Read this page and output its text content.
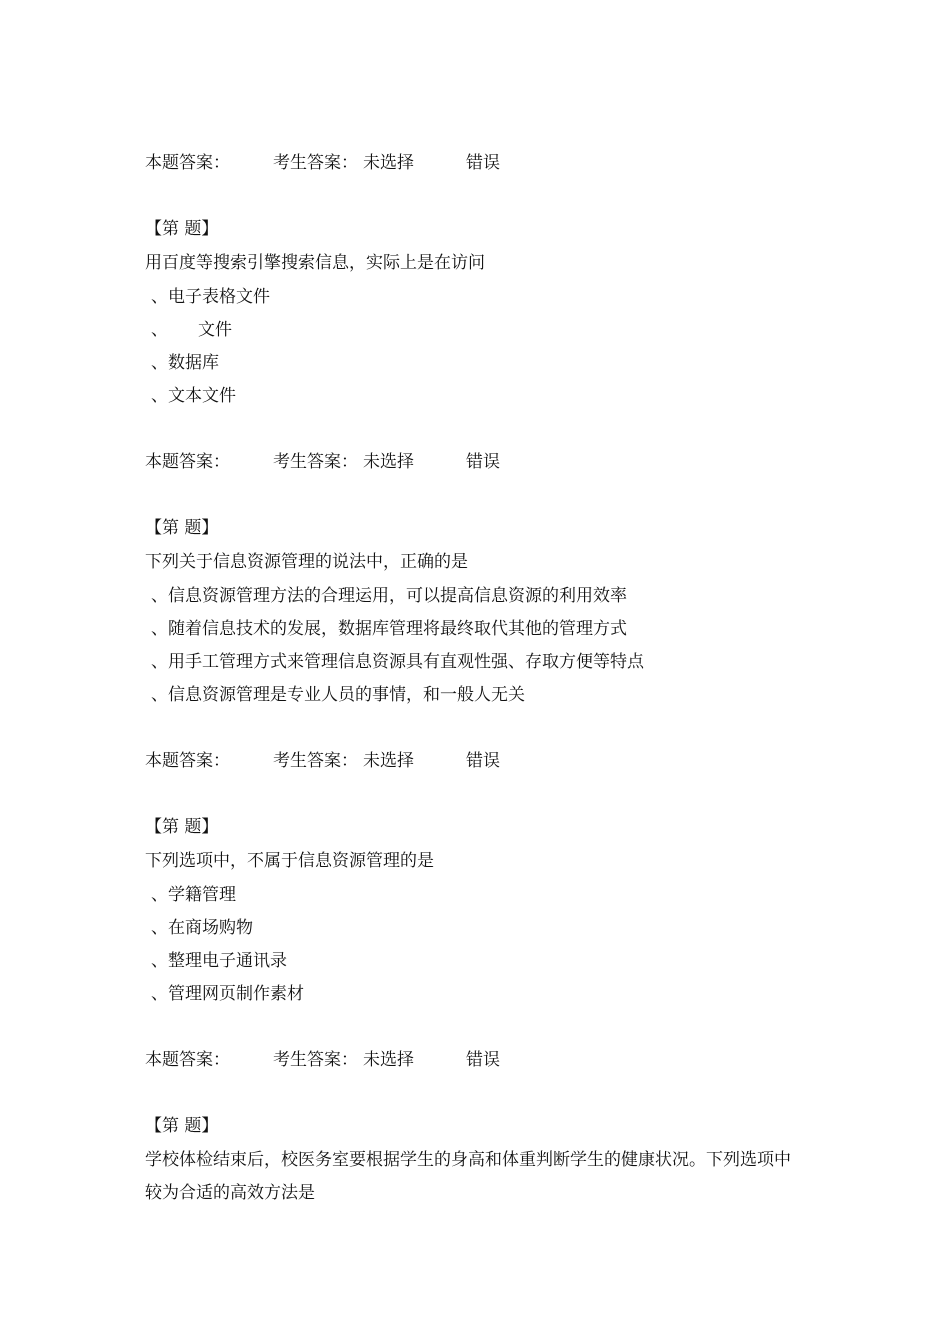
本题答案：	考生答案： 未选择	错误
【第 题】
用百度等搜索引擎搜索信息，实际上是在访问
、电子表格文件
、 文件
、数据库
、文本文件
本题答案：	考生答案： 未选择	错误
【第 题】
下列关于信息资源管理的说法中，正确的是
、信息资源管理方法的合理运用，可以提高信息资源的利用效率
、随着信息技术的发展，数据库管理将最终取代其他的管理方式
、用手工管理方式来管理信息资源具有直观性强、存取方便等特点
、信息资源管理是专业人员的事情，和一般人无关
本题答案：	考生答案： 未选择	错误
【第 题】
下列选项中，不属于信息资源管理的是
、学籍管理
、在商场购物
、整理电子通讯录
、管理网页制作素材
本题答案：	考生答案： 未选择	错误
【第 题】
学校体检结束后，校医务室要根据学生的身高和体重判断学生的健康状况。下列选项中
较为合适的高效方法是
